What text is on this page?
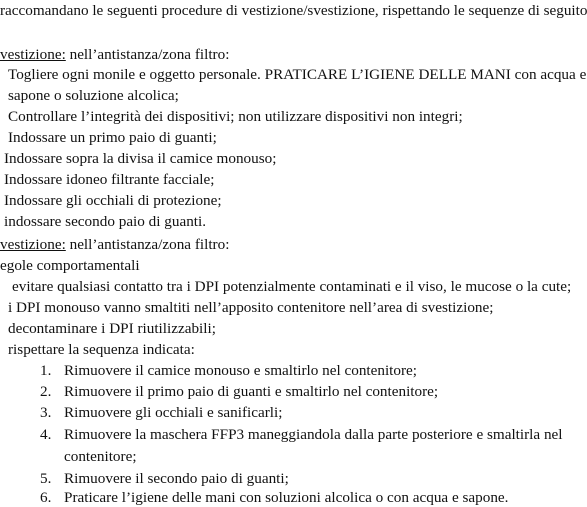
raccomandano le seguenti procedure di vestizione/svestizione, rispettando le sequenze di seguito
vestizione: nell’antistanza/zona filtro:
Togliere ogni monile e oggetto personale. PRATICARE L’IGIENE DELLE MANI con acqua e
sapone o soluzione alcolica;
Controllare l’integrità dei dispositivi; non utilizzare dispositivi non integri;
Indossare un primo paio di guanti;
Indossare sopra la divisa il camice monouso;
Indossare idoneo filtrante facciale;
Indossare gli occhiali di protezione;
indossare secondo paio di guanti.
vestizione: nell’antistanza/zona filtro:
egole comportamentali
evitare qualsiasi contatto tra i DPI potenzialmente contaminati e il viso, le mucose o la cute;
i DPI monouso vanno smaltiti nell’apposito contenitore nell’area di svestizione;
decontaminare i DPI riutilizzabili;
rispettare la sequenza indicata:
1. Rimuovere il camice monouso e smaltirlo nel contenitore;
2. Rimuovere il primo paio di guanti e smaltirlo nel contenitore;
3. Rimuovere gli occhiali e sanificarli;
4. Rimuovere la maschera FFP3 maneggiandola dalla parte posteriore e smaltirla nel
contenitore;
5. Rimuovere il secondo paio di guanti;
6. Praticare l’igiene delle mani con soluzioni alcolica o con acqua e sapone.
